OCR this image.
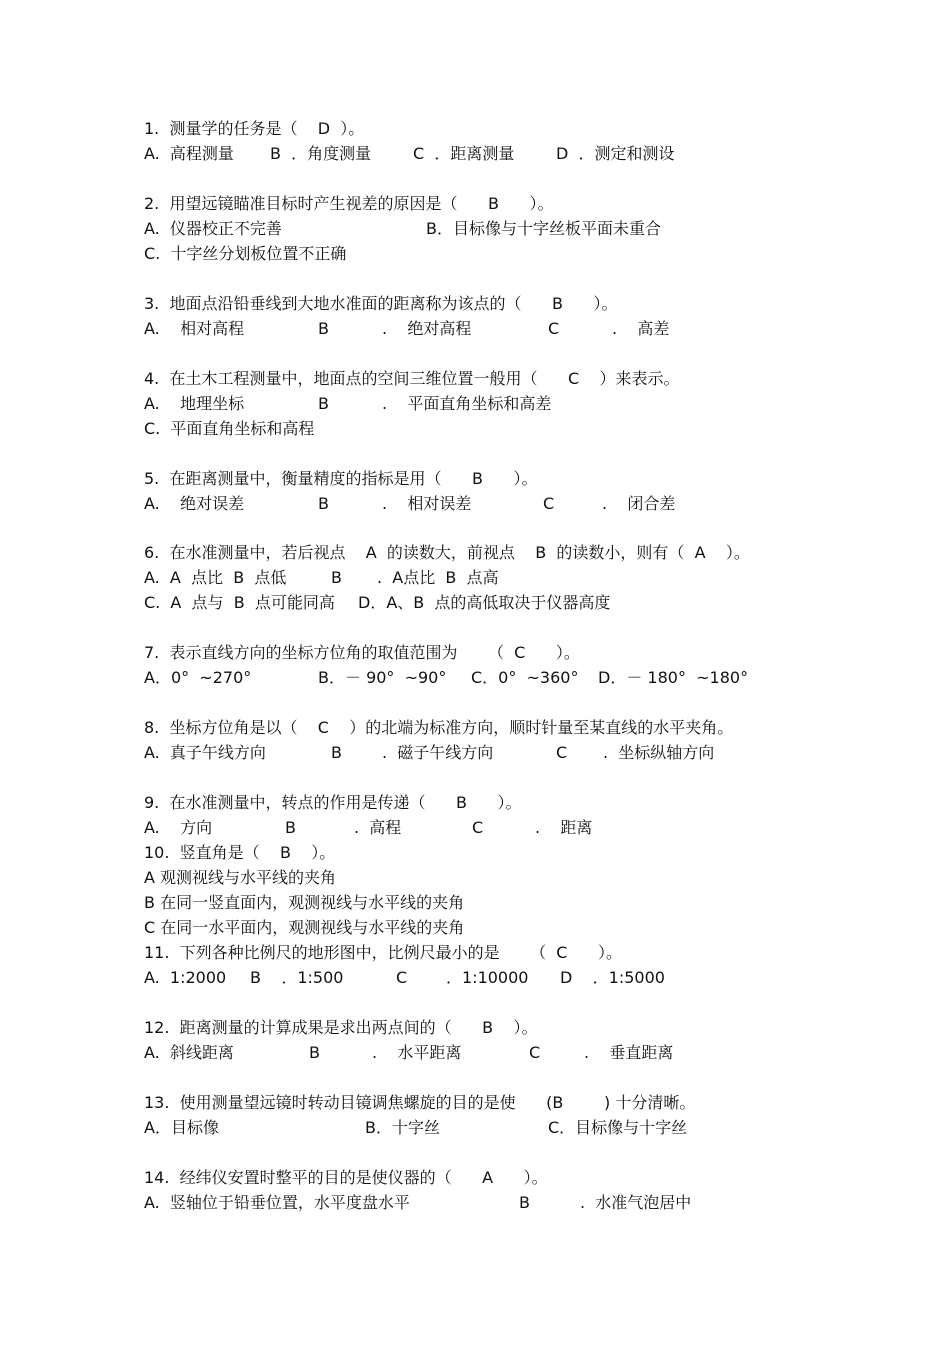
1.  测量学的任务是（    D  ）。
A.  高程测量 B  ．角度测量	C  ．距离测量	D  ．测定和测设
2.  用望远镜瞄准目标时产生视差的原因是（      B      ）。
A.  仪器校正不完善	B．目标像与十字丝板平面未重合
C.  十字丝分划板位置不正确
3.  地面点沿铅垂线到大地水准面的距离称为该点的（      B      ）。
A.    相对高程	B	.    绝对高程	C	.    高差
4.  在土木工程测量中，地面点的空间三维位置一般用（      C    ）来表示。
A.    地理坐标	B	.    平面直角坐标和高差
C.  平面直角坐标和高程
5.  在距离测量中，衡量精度的指标是用（      B      ）。
A.    绝对误差	B	.    相对误差	C	.    闭合差
6.  在水准测量中，若后视点    A  的读数大，前视点    B  的读数小，则有（  A    ）。
A.  A  点比  B  点低	B .  A点比  B  点高
C.  A  点与  B  点可能同高 D．A、B  点的高低取决于仪器高度
7.  表示直线方向的坐标方位角的取值范围为      （  C      ）。
A．0°  ~270°	B．－ 90°  ~90° C．0°  ~360° D．－ 180°  ~180°
8.  坐标方位角是以（    C    ）的北端为标准方向，顺时针量至某直线的水平夹角。
A.  真子午线方向	B	.  磁子午线方向	C .  坐标纵轴方向
9.  在水准测量中，转点的作用是传递（      B      ）。
A.    方向	B	.  高程	C	.    距离
10.  竖直角是（    B    ）。
A 观测视线与水平线的夹角
B 在同一竖直面内，观测视线与水平线的夹角
C 在同一水平面内，观测视线与水平线的夹角
11.  下列各种比例尺的地形图中，比例尺最小的是      （  C      ）。
A.  1:2000 B    ．1:500	C ．1:10000 D    ．1:5000
12.  距离测量的计算成果是求出两点间的（      B    ）。
A.  斜线距离	B	.    水平距离	C	.    垂直距离
13.  使用测量望远镜时转动目镜调焦螺旋的目的是使      (B        ) 十分清晰。
A．目标像	B．十字丝	C．目标像与十字丝
14.  经纬仪安置时整平的目的是使仪器的（      A      ）。
A.  竖轴位于铅垂位置，水平度盘水平	B	.  水准气泡居中
